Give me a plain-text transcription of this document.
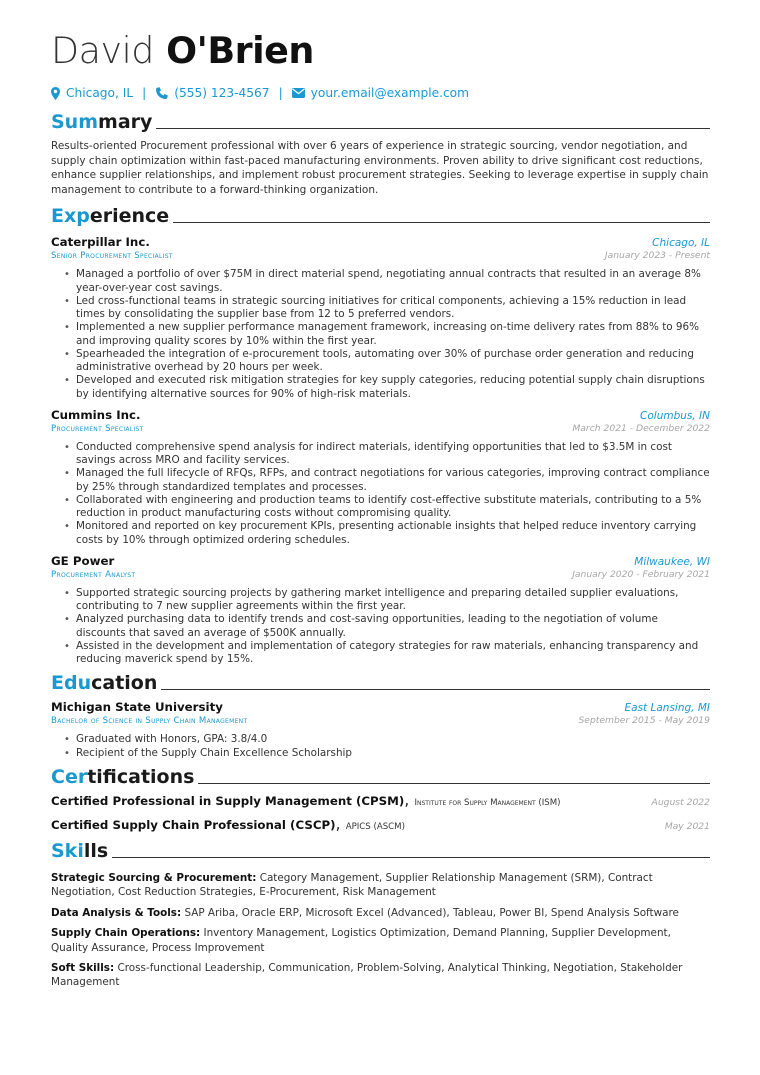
David O'Brien
Chicago, IL | (555) 123-4567 | your.email@example.com
Summary

Results-oriented Procurement professional with over 6 years of experience in strategic sourcing, vendor negotiation, and supply chain optimization within fast-paced manufacturing environments. Proven ability to drive significant cost reductions, enhance supplier relationships, and implement robust procurement strategies. Seeking to leverage expertise in supply chain management to contribute to a forward-thinking organization.

Experience
Caterpillar Inc.	Chicago, IL
Senior Procurement Specialist	January 2023 - Present
• Managed a portfolio of over $75M in direct material spend, negotiating annual contracts that resulted in an average 8% year-over-year cost savings.
• Led cross-functional teams in strategic sourcing initiatives for critical components, achieving a 15% reduction in lead times by consolidating the supplier base from 12 to 5 preferred vendors.
• Implemented a new supplier performance management framework, increasing on-time delivery rates from 88% to 96% and improving quality scores by 10% within the first year.
• Spearheaded the integration of e-procurement tools, automating over 30% of purchase order generation and reducing administrative overhead by 20 hours per week.
• Developed and executed risk mitigation strategies for key supply categories, reducing potential supply chain disruptions by identifying alternative sources for 90% of high-risk materials.
Cummins Inc.	Columbus, IN
Procurement Specialist	March 2021 - December 2022
• Conducted comprehensive spend analysis for indirect materials, identifying opportunities that led to $3.5M in cost savings across MRO and facility services.
• Managed the full lifecycle of RFQs, RFPs, and contract negotiations for various categories, improving contract compliance by 25% through standardized templates and processes.
• Collaborated with engineering and production teams to identify cost-effective substitute materials, contributing to a 5% reduction in product manufacturing costs without compromising quality.
• Monitored and reported on key procurement KPIs, presenting actionable insights that helped reduce inventory carrying costs by 10% through optimized ordering schedules.
GE Power	Milwaukee, WI
Procurement Analyst	January 2020 - February 2021
• Supported strategic sourcing projects by gathering market intelligence and preparing detailed supplier evaluations, contributing to 7 new supplier agreements within the first year.
• Analyzed purchasing data to identify trends and cost-saving opportunities, leading to the negotiation of volume discounts that saved an average of $500K annually.
• Assisted in the development and implementation of category strategies for raw materials, enhancing transparency and reducing maverick spend by 15%.
Education
Michigan State University	East Lansing, MI
Bachelor of Science in Supply Chain Management	September 2015 - May 2019
• Graduated with Honors, GPA: 3.8/4.0
• Recipient of the Supply Chain Excellence Scholarship
Certifications
Certified Professional in Supply Management (CPSM), Institute for Supply Management (ISM)	August 2022
Certified Supply Chain Professional (CSCP), APICS (ASCM)	May 2021
Skills
Strategic Sourcing & Procurement: Category Management, Supplier Relationship Management (SRM), Contract Negotiation, Cost Reduction Strategies, E-Procurement, Risk Management
Data Analysis & Tools: SAP Ariba, Oracle ERP, Microsoft Excel (Advanced), Tableau, Power BI, Spend Analysis Software
Supply Chain Operations: Inventory Management, Logistics Optimization, Demand Planning, Supplier Development, Quality Assurance, Process Improvement
Soft Skills: Cross-functional Leadership, Communication, Problem-Solving, Analytical Thinking, Negotiation, Stakeholder Management
